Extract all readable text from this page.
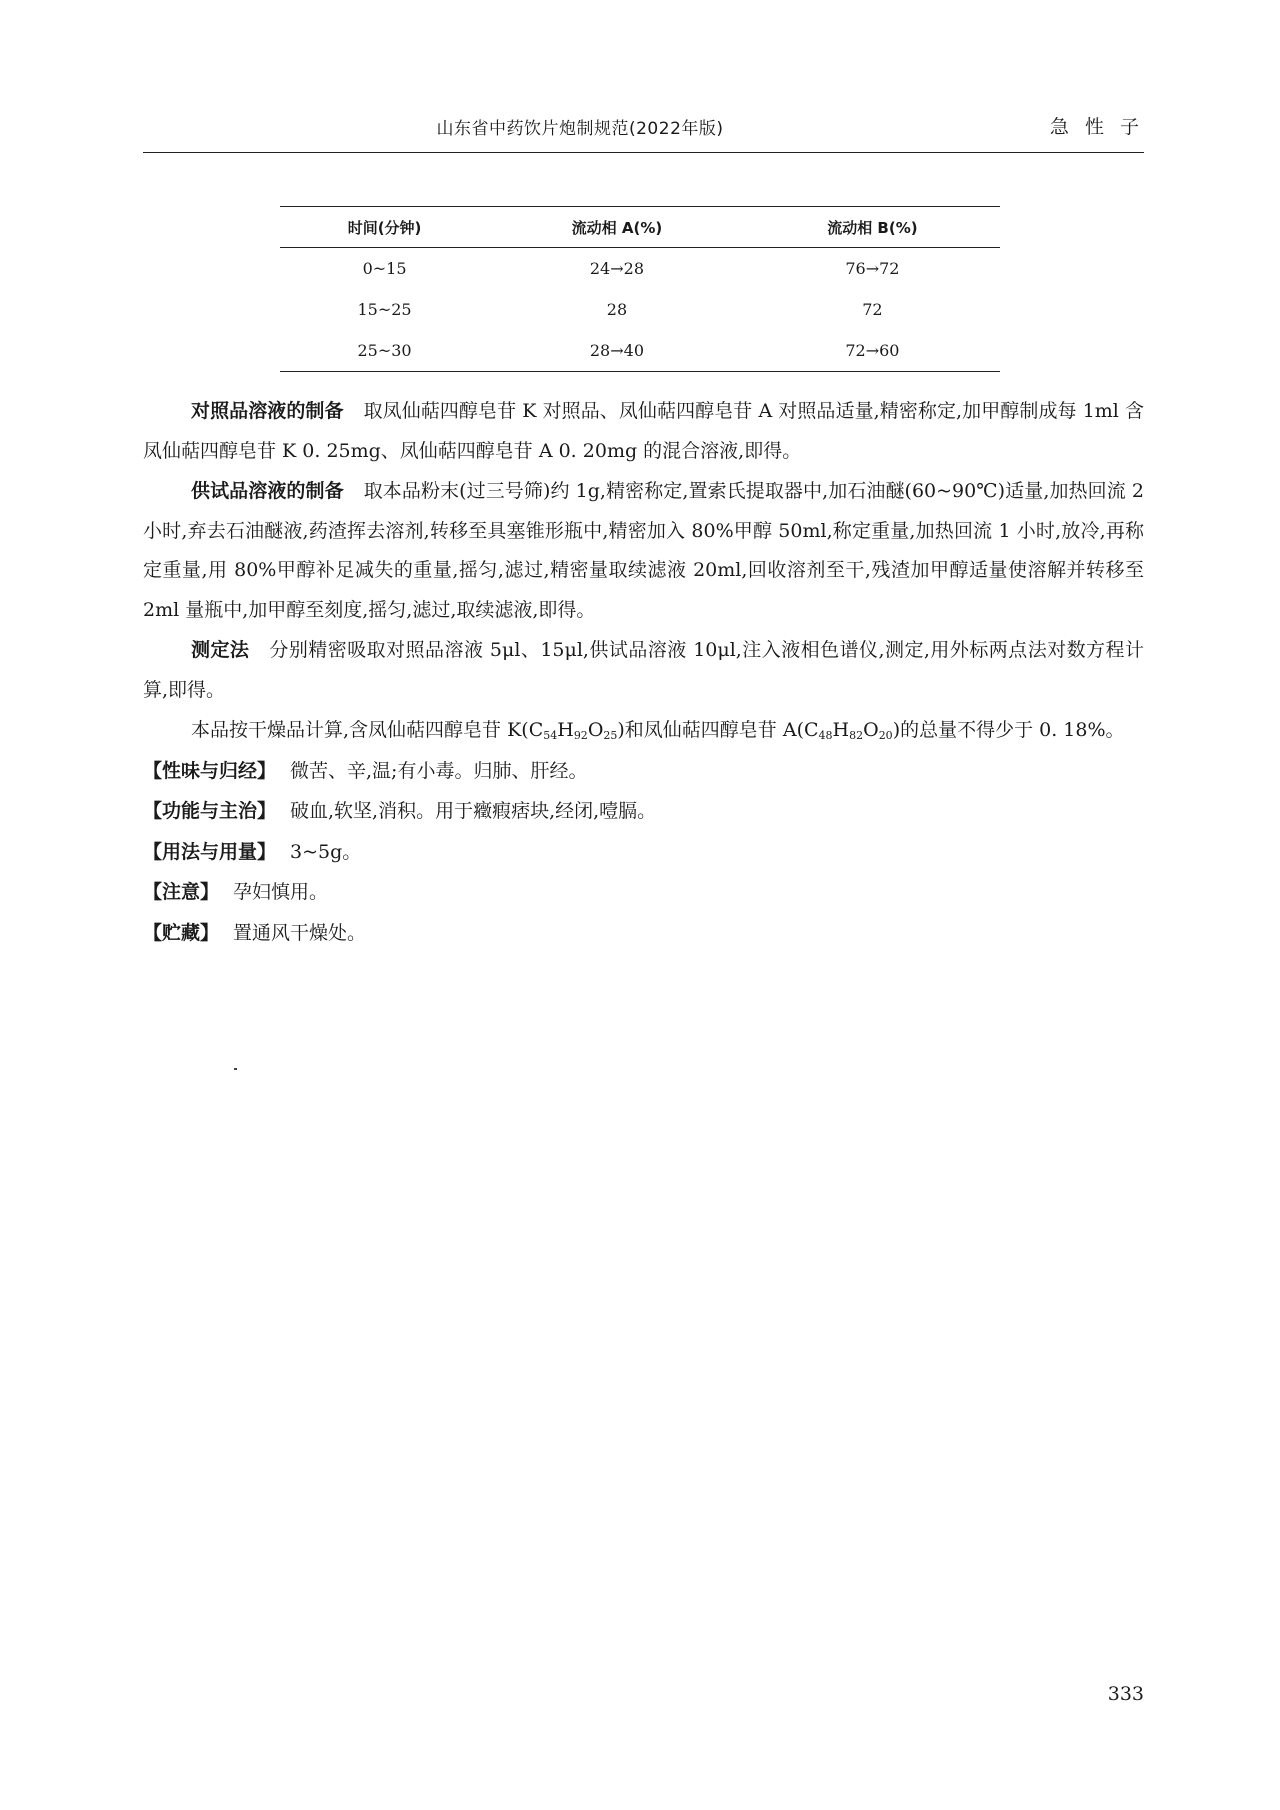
山东省中药饮片炮制规范(2022年版)	急 性 子
时间(分钟)	流动相 A(%)	流动相 B(%)
0~15	24→28	76→72
15~25	28	72
25~30	28→40	72→60

对照品溶液的制备 取凤仙萜四醇皂苷 K 对照品、凤仙萜四醇皂苷 A 对照品适量,精密称定,加甲醇制成每 1ml 含凤仙萜四醇皂苷 K 0. 25mg、凤仙萜四醇皂苷 A 0. 20mg 的混合溶液,即得。

供试品溶液的制备 取本品粉末(过三号筛)约 1g,精密称定,置索氏提取器中,加石油醚(60~90℃)适量,加热回流 2 小时,弃去石油醚液,药渣挥去溶剂,转移至具塞锥形瓶中,精密加入 80%甲醇 50ml,称定重量,加热回流 1 小时,放冷,再称定重量,用 80%甲醇补足减失的重量,摇匀,滤过,精密量取续滤液 20ml,回收溶剂至干,残渣加甲醇适量使溶解并转移至 2ml 量瓶中,加甲醇至刻度,摇匀,滤过,取续滤液,即得。

测定法 分别精密吸取对照品溶液 5μl、15μl,供试品溶液 10μl,注入液相色谱仪,测定,用外标两点法对数方程计算,即得。

本品按干燥品计算,含凤仙萜四醇皂苷 $K(C_{54}H_{92}O_{25})$和凤仙萜四醇皂苷 $A(C_{48}H_{82}O_{20})$的总量不得少于 0. 18%。

【性味与归经】 微苦、辛,温;有小毒。归肺、肝经。

【功能与主治】 破血,软坚,消积。用于癥瘕痞块,经闭,噎膈。

【用法与用量】 3~5g。

【注意】 孕妇慎用。

【贮藏】 置通风干燥处。

333
